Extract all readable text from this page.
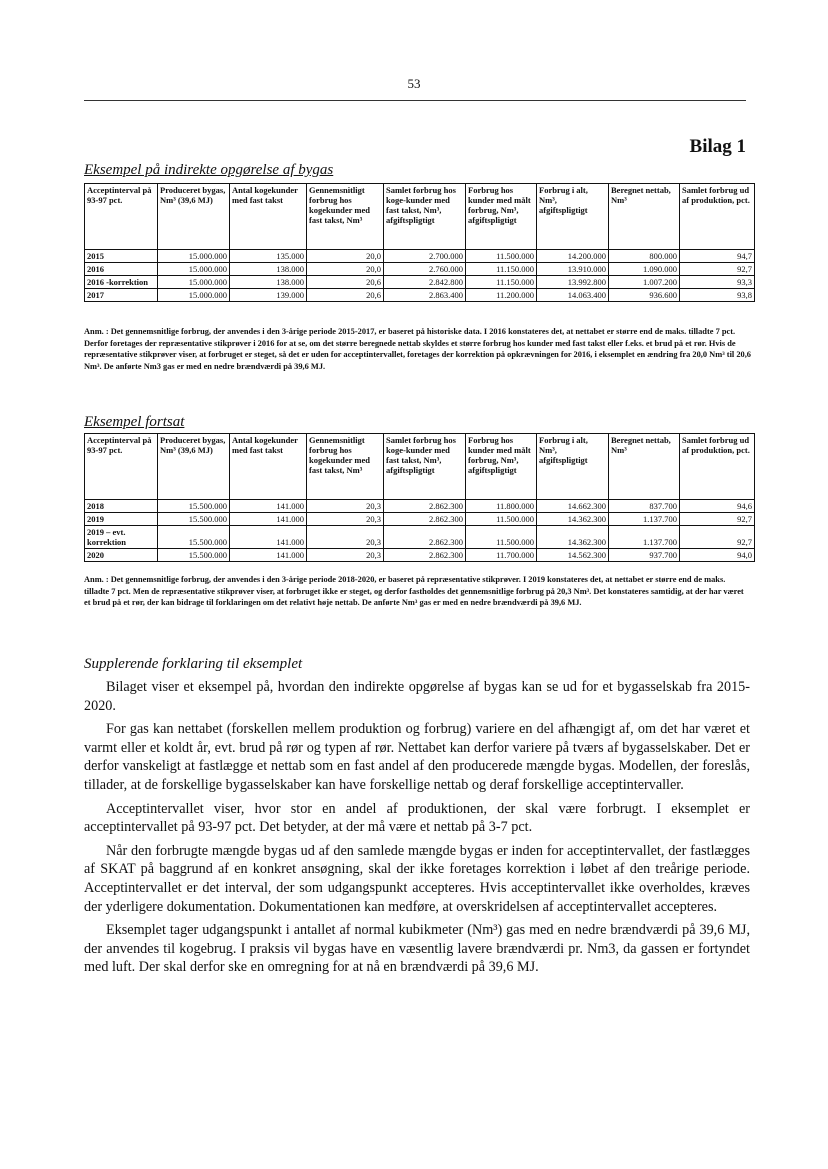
53
Bilag 1
Eksempel på indirekte opgørelse af bygas
Acceptinterval på 93-97 pct.	Produceret bygas, Nm³ (39,6 MJ)	Antal kogekunder med fast takst	Gennemsnitligt forbrug hos kogekunder med fast takst, Nm³	Samlet forbrug hos koge-kunder med fast takst, Nm³, afgiftspligtigt	Forbrug hos kunder med målt forbrug, Nm³, afgiftspligtigt	Forbrug i alt, Nm³, afgiftspligtigt	Beregnet nettab, Nm³	Samlet forbrug ud af produktion, pct.
2015	15.000.000	135.000	20,0	2.700.000	11.500.000	14.200.000	800.000	94,7
2016	15.000.000	138.000	20,0	2.760.000	11.150.000	13.910.000	1.090.000	92,7
2016 -korrektion	15.000.000	138.000	20,6	2.842.800	11.150.000	13.992.800	1.007.200	93,3
2017	15.000.000	139.000	20,6	2.863.400	11.200.000	14.063.400	936.600	93,8
Anm. : Det gennemsnitlige forbrug, der anvendes i den 3-årige periode 2015-2017, er baseret på historiske data. I 2016 konstateres det, at nettabet er større end de maks. tilladte 7 pct. Derfor foretages der repræsentative stikprøver i 2016 for at se, om det større beregnede nettab skyldes et større forbrug hos kunder med fast takst eller f.eks. et brud på et rør. Hvis de repræsentative stikprøver viser, at forbruget er steget, så det er uden for acceptintervallet, foretages der korrektion på opkrævningen for 2016, i eksemplet en ændring fra 20,0 Nm³ til 20,6 Nm³. De anførte Nm3 gas er med en nedre brændværdi på 39,6 MJ.
Eksempel fortsat
Acceptinterval på 93-97 pct.	Produceret bygas, Nm³ (39,6 MJ)	Antal kogekunder med fast takst	Gennemsnitligt forbrug hos kogekunder med fast takst, Nm³	Samlet forbrug hos koge-kunder med fast takst, Nm³, afgiftspligtigt	Forbrug hos kunder med målt forbrug, Nm³, afgiftspligtigt	Forbrug i alt, Nm³, afgiftspligtigt	Beregnet nettab, Nm³	Samlet forbrug ud af produktion, pct.
2018	15.500.000	141.000	20,3	2.862.300	11.800.000	14.662.300	837.700	94,6
2019	15.500.000	141.000	20,3	2.862.300	11.500.000	14.362.300	1.137.700	92,7
2019 – evt. korrektion	15.500.000	141.000	20,3	2.862.300	11.500.000	14.362.300	1.137.700	92,7
2020	15.500.000	141.000	20,3	2.862.300	11.700.000	14.562.300	937.700	94,0
Anm. : Det gennemsnitlige forbrug, der anvendes i den 3-årige periode 2018-2020, er baseret på repræsentative stikprøver. I 2019 konstateres det, at nettabet er større end de maks. tilladte 7 pct. Men de repræsentative stikprøver viser, at forbruget ikke er steget, og derfor fastholdes det gennemsnitlige forbrug på 20,3 Nm³. Det konstateres samtidig, at der har været et brud på et rør, der kan bidrage til forklaringen om det relativt høje nettab. De anførte Nm³ gas er med en nedre brændværdi på 39,6 MJ.
Supplerende forklaring til eksemplet

Bilaget viser et eksempel på, hvordan den indirekte opgørelse af bygas kan se ud for et bygasselskab fra 2015-2020.

For gas kan nettabet (forskellen mellem produktion og forbrug) variere en del afhængigt af, om det har været et varmt eller et koldt år, evt. brud på rør og typen af rør. Nettabet kan derfor variere på tværs af bygasselskaber. Det er derfor vanskeligt at fastlægge et nettab som en fast andel af den producerede mængde bygas. Modellen, der foreslås, tillader, at de forskellige bygasselskaber kan have forskellige nettab og deraf forskellige acceptintervaller.

Acceptintervallet viser, hvor stor en andel af produktionen, der skal være forbrugt. I eksemplet er acceptintervallet på 93-97 pct. Det betyder, at der må være et nettab på 3-7 pct.

Når den forbrugte mængde bygas ud af den samlede mængde bygas er inden for acceptintervallet, der fastlægges af SKAT på baggrund af en konkret ansøgning, skal der ikke foretages korrektion i løbet af den treårige periode. Acceptintervallet er det interval, der som udgangspunkt accepteres. Hvis acceptintervallet ikke overholdes, kræves der yderligere dokumentation. Dokumentationen kan medføre, at overskridelsen af acceptintervallet accepteres.

Eksemplet tager udgangspunkt i antallet af normal kubikmeter (Nm³) gas med en nedre brændværdi på 39,6 MJ, der anvendes til kogebrug. I praksis vil bygas have en væsentlig lavere brændværdi pr. Nm3, da gassen er fortyndet med luft. Der skal derfor ske en omregning for at nå en brændværdi på 39,6 MJ.
